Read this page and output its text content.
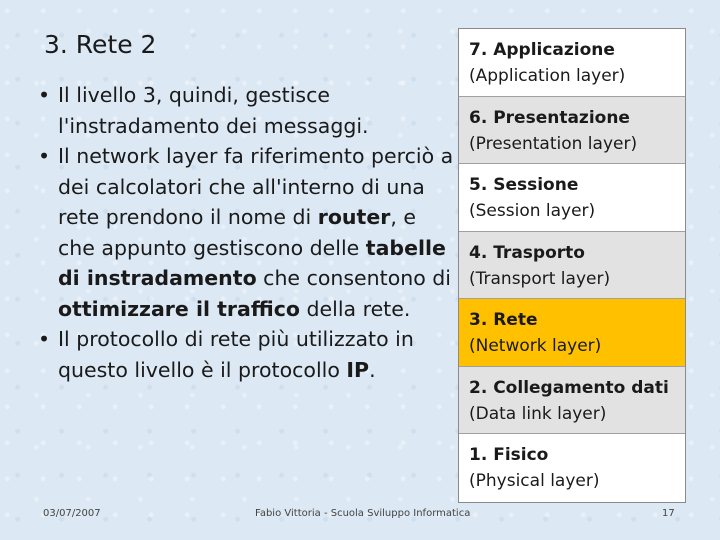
3. Rete 2
• Il livello 3, quindi, gestisce l'instradamento dei messaggi.
• Il network layer fa riferimento perciò a dei calcolatori che all'interno di una rete prendono il nome di router, e che appunto gestiscono delle tabelle di instradamento che consentono di ottimizzare il traffico della rete.
• Il protocollo di rete più utilizzato in questo livello è il protocollo IP.
7. Applicazione
(Application layer)
6. Presentazione
(Presentation layer)
5. Sessione
(Session layer)
4. Trasporto
(Transport layer)
3. Rete
(Network layer)
2. Collegamento dati
(Data link layer)
1. Fisico
(Physical layer)
03/07/2007	Fabio Vittoria - Scuola Sviluppo Informatica	17
